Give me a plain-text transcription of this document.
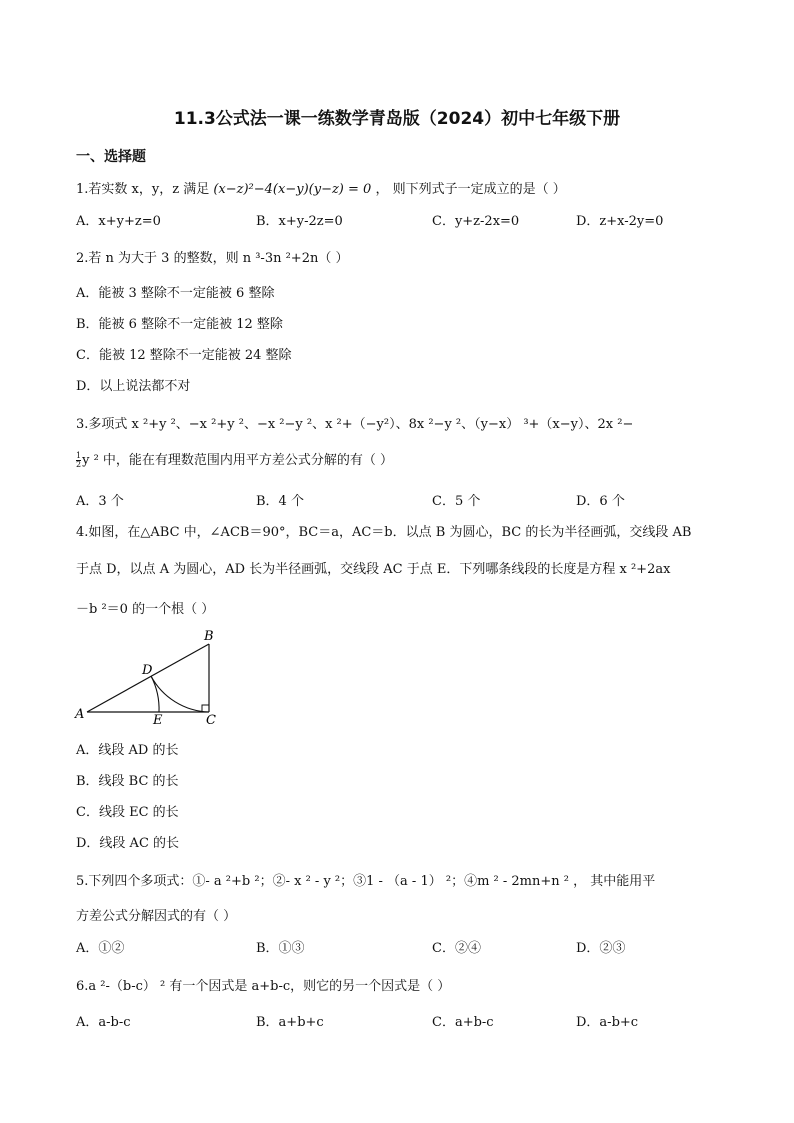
11.3公式法一课一练数学青岛版（2024）初中七年级下册
一、选择题
1.若实数 x，y，z 满足 (x−z)²−4(x−y)(y−z) = 0 ， 则下列式子一定成立的是（ ）
A．x+y+z=0	B．x+y-2z=0	C．y+z-2x=0	D．z+x-2y=0
2.若 n 为大于 3 的整数，则 n ³-3n ²+2n（ ）
A．能被 3 整除不一定能被 6 整除
B．能被 6 整除不一定能被 12 整除
C．能被 12 整除不一定能被 24 整除
D．以上说法都不对
3.多项式 x ²+y ²、−x ²+y ²、−x ²−y ²、x ²+（−y²）、8x ²−y ²、（y−x） ³+（x−y）、2x ²−
$\frac{1}{2}$ y ² 中，能在有理数范围内用平方差公式分解的有（ ）
A．3 个	B．4 个	C．5 个	D．6 个
4.如图，在△ABC 中，∠ACB＝90°，BC＝a，AC＝b．以点 B 为圆心，BC 的长为半径画弧，交线段 AB
于点 D，以点 A 为圆心，AD 长为半径画弧，交线段 AC 于点 E．下列哪条线段的长度是方程 x ²+2ax
－b ²＝0 的一个根（ ）
A
B
C
D
E
A．线段 AD 的长
B．线段 BC 的长
C．线段 EC 的长
D．线段 AC 的长
5.下列四个多项式：①- a ²+b ²；②- x ² - y ²；③1 - （a - 1） ²；④m ² - 2mn+n ² ， 其中能用平
方差公式分解因式的有（ ）
A．①②	B．①③	C．②④	D．②③
6.a ²-（b-c） ² 有一个因式是 a+b-c，则它的另一个因式是（ ）
A．a-b-c	B．a+b+c	C．a+b-c	D．a-b+c
